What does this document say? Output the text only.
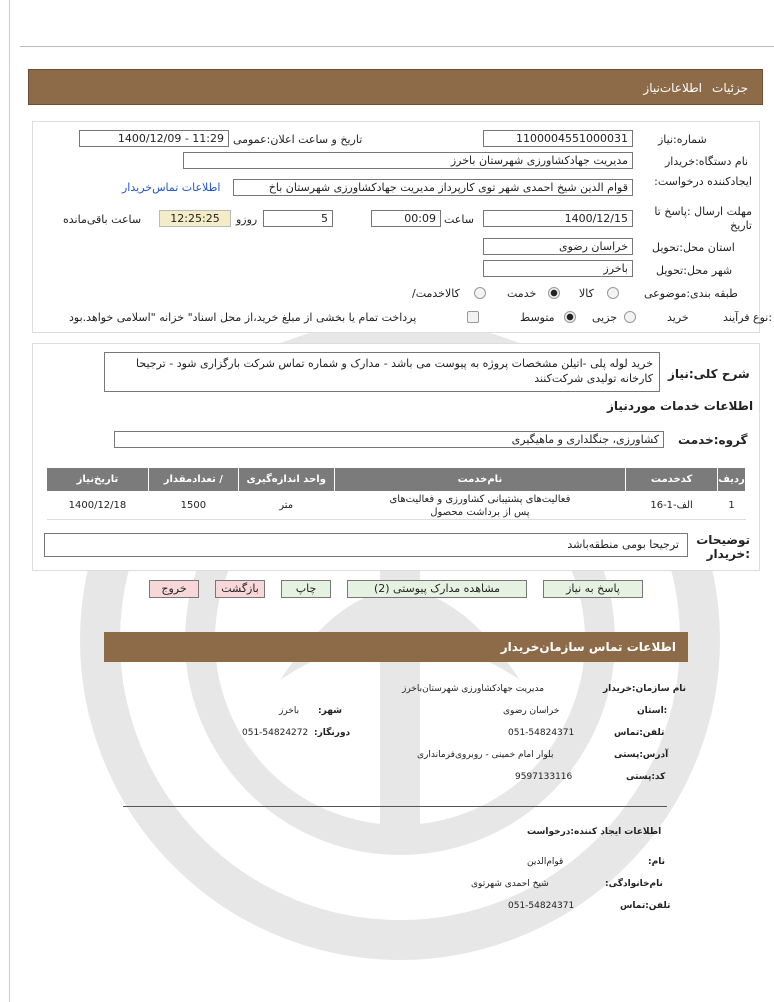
جزئیات
اطلاعات‌نیاز
شماره:نیاز
1100004551000031
تاریخ و ساعت اعلان:عمومی
1400/12/09 - 11:29
نام دستگاه:خریدار
مدیریت جهادکشاورزی شهرستان باخرز
ایجادکننده درخواست:
قوام الدین شیخ احمدی شهر توی کارپرداز مدیریت جهادکشاورزی شهرستان باخ
اطلاعات تماس‌خریدار
مهلت ارسال :پاسخ تا تاریخ
1400/12/15
ساعت
00:09
5
روزو
12:25:25
ساعت باقی‌مانده
استان محل:تحویل
خراسان رضوی
شهر محل:تحویل
باخرز
طبقه بندی:موضوعی
کالا
خدمت
/کالاخدمت
نوع فرآیند:
خرید
جزیی
متوسط
پرداخت تمام یا بخشی از مبلغ خرید،از محل اسناد" خزانه "اسلامی خواهد.بود
شرح کلی:نیاز
خرید لوله پلی -اتیلن مشخصات پروژه به پیوست می باشد - مدارک و شماره تماس شرکت بارگزاری شود - ترجیحا کارخانه تولیدی شرکت‌کنند
اطلاعات خدمات موردنیاز
گروه:خدمت
کشاورزی، جنگلداری و ماهیگیری
ردیف	کدخدمت	نام‌خدمت	واحد اندازه‌گیری	/ تعدادمقدار	تاریخ‌نیاز
1	الف-1-16	فعالیت‌های پشتیبانی کشاورزی و فعالیت‌های پس از برداشت محصول	متر	1500	1400/12/18
توضیحات :خریدار
ترجیحا بومی منطقه‌باشد
پاسخ به نیاز
مشاهده مدارک پیوستی (2)
چاپ
بازگشت
خروج
اطلاعات تماس سازمان‌خریدار
نام سازمان:خریدار
مدیریت جهادکشاورزی شهرستان‌باخرز
استان:
خراسان رضوی
:شهر
باخرز
تلفن:تماس
051-54824371
:دورنگار
051-54824272
آدرس:پستی
بلوار امام خمینی - روبروی‌فرمانداری
کد:پستی
9597133116
اطلاعات ایجاد کننده:درخواست
:نام
قوام‌الدین
:نام‌خانوادگی
شیخ احمدی شهرتوی
تلفن:تماس
051-54824371
